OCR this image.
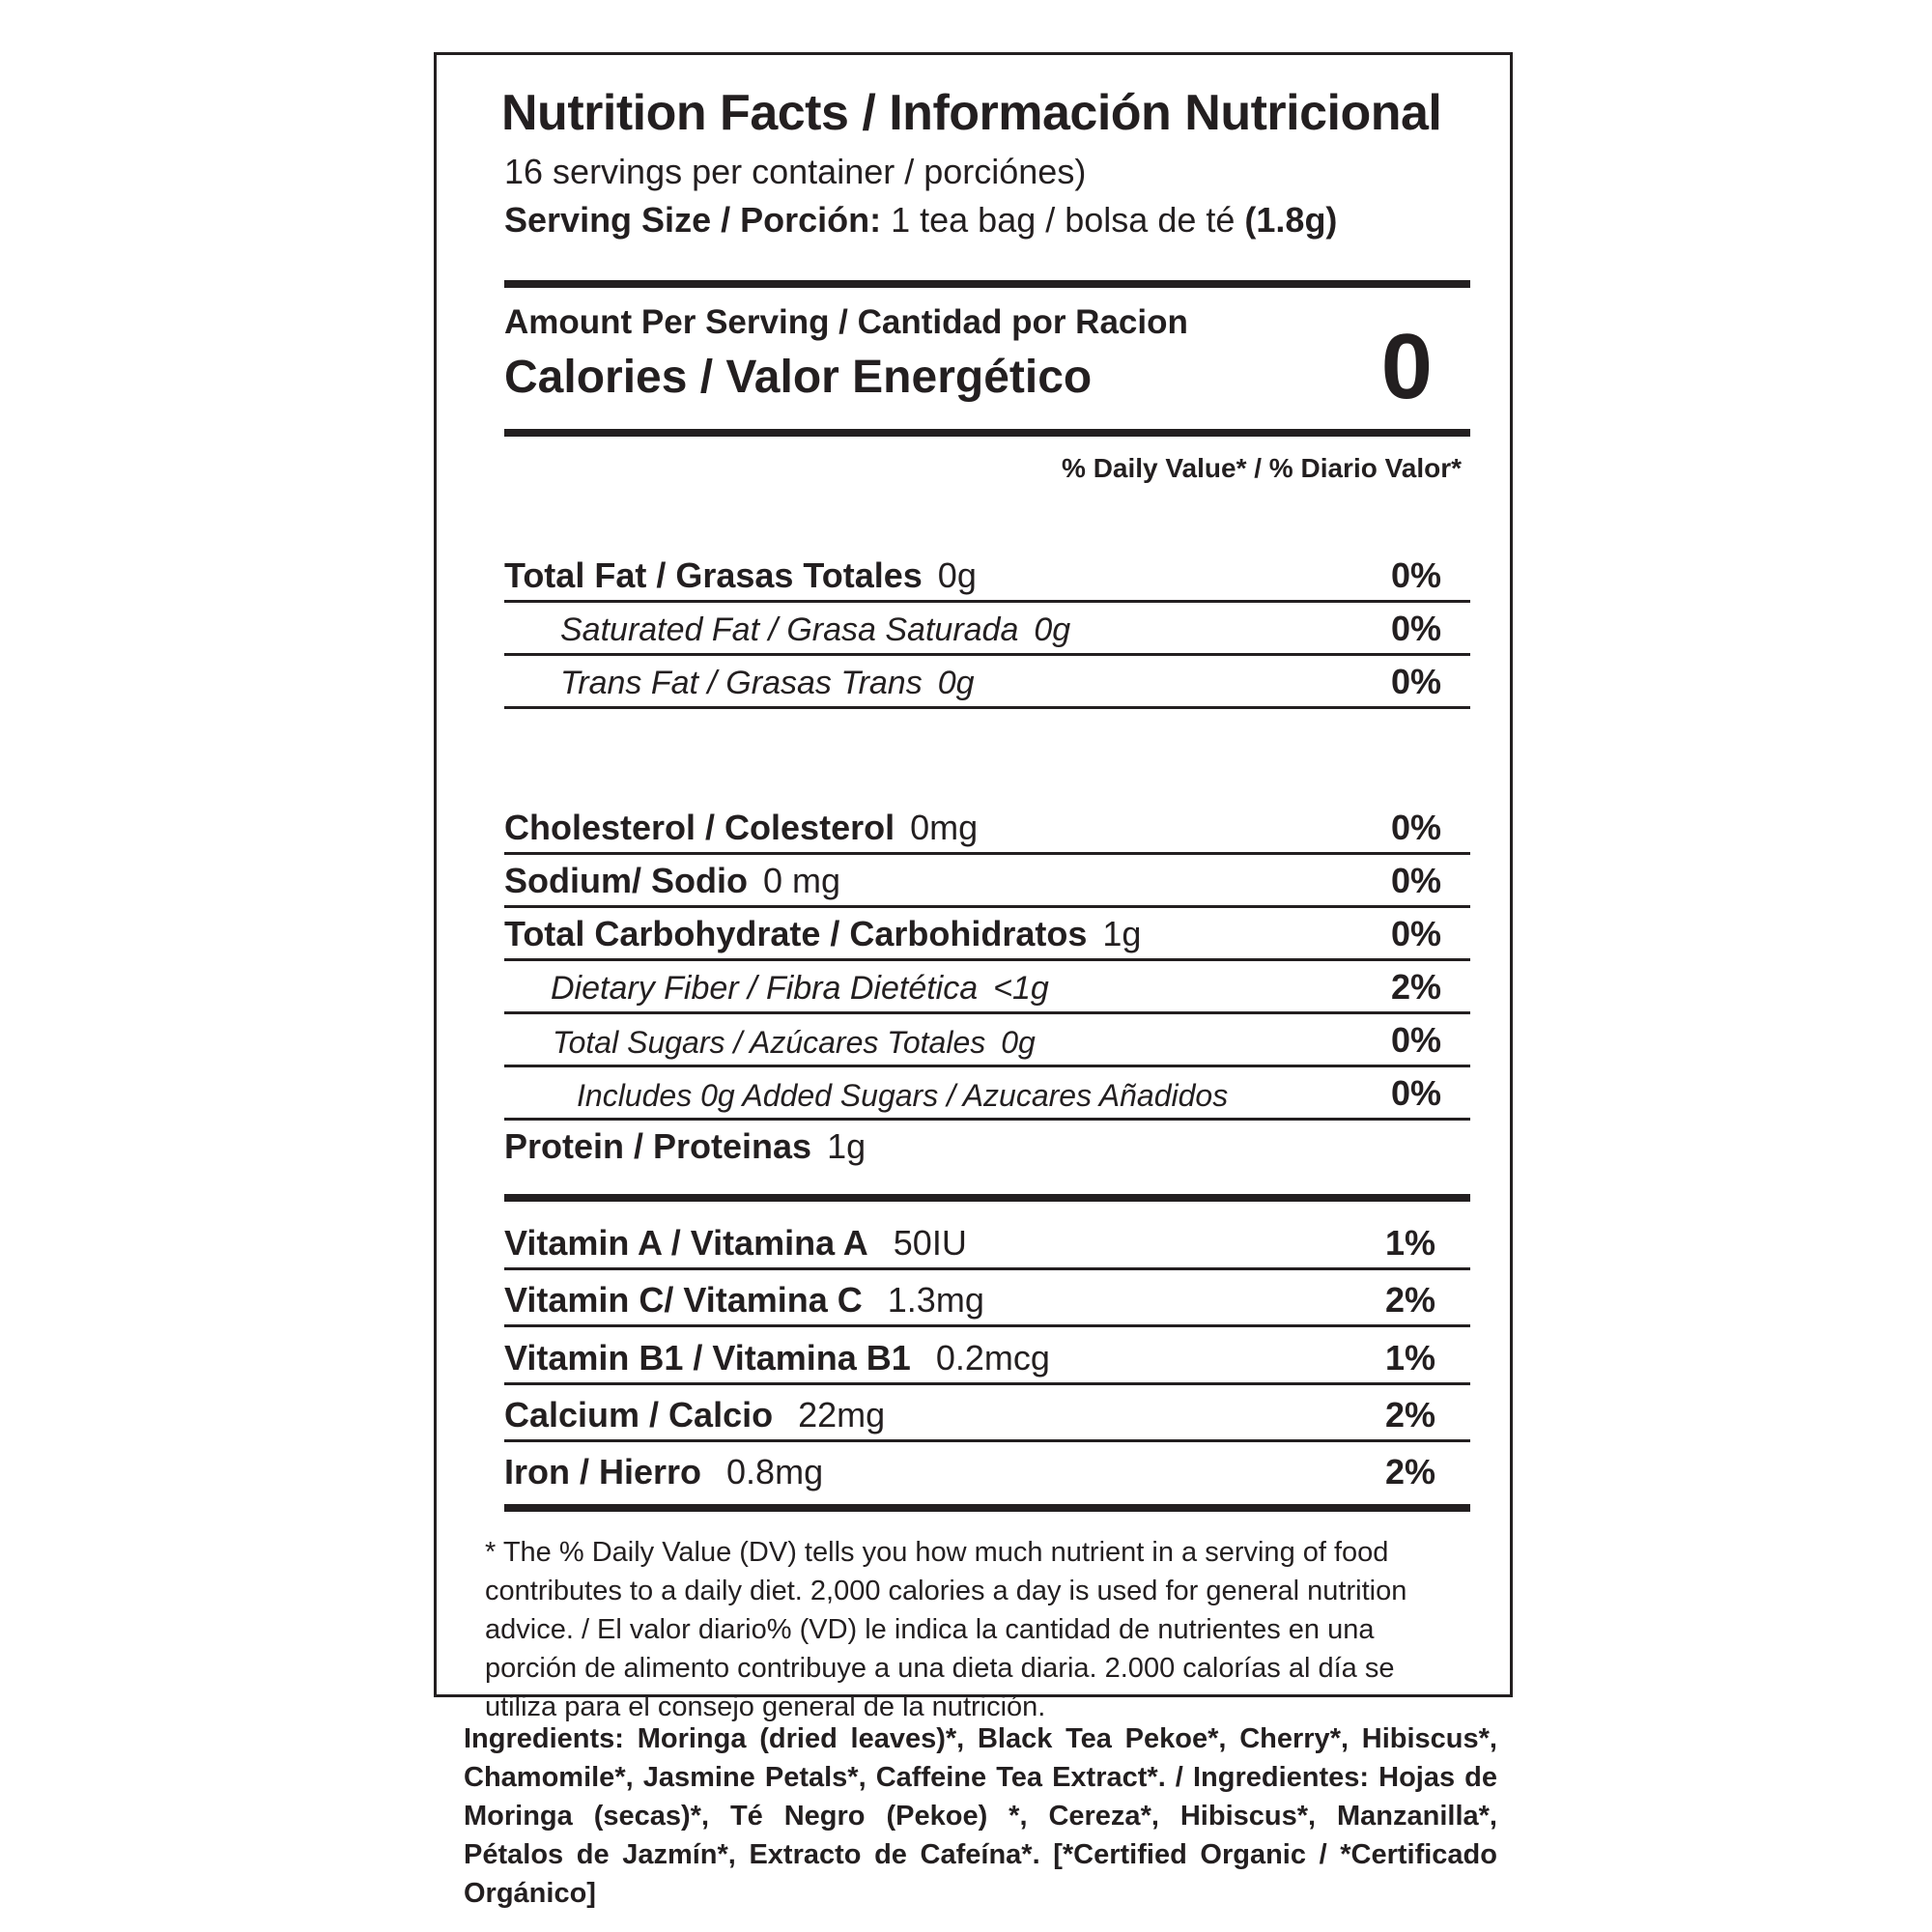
Nutrition Facts / Información Nutricional
16 servings per container / porciónes)
Serving Size / Porción: 1 tea bag / bolsa de té (1.8g)
Amount Per Serving / Cantidad por Racion
Calories / Valor Energético	0
% Daily Value* / % Diario Valor*
Total Fat / Grasas Totales 0g	0%
Saturated Fat / Grasa Saturada 0g	0%
Trans Fat / Grasas Trans 0g	0%
Cholesterol / Colesterol 0mg	0%
Sodium/ Sodio 0 mg	0%
Total Carbohydrate / Carbohidratos 1g	0%
Dietary Fiber / Fibra Dietética <1g	2%
Total Sugars / Azúcares Totales 0g	0%
Includes 0g Added Sugars / Azucares Añadidos	0%
Protein / Proteinas 1g
Vitamin A / Vitamina A 50IU	1%
Vitamin C/ Vitamina C 1.3mg	2%
Vitamin B1 / Vitamina B1 0.2mcg	1%
Calcium / Calcio 22mg	2%
Iron / Hierro 0.8mg	2%
* The % Daily Value (DV) tells you how much nutrient in a serving of food contributes to a daily diet. 2,000 calories a day is used for general nutrition advice. / El valor diario% (VD) le indica la cantidad de nutrientes en una porción de alimento contribuye a una dieta diaria. 2.000 calorías al día se utiliza para el consejo general de la nutrición.
Ingredients: Moringa (dried leaves)*, Black Tea Pekoe*, Cherry*, Hibiscus*, Chamomile*, Jasmine Petals*, Caffeine Tea Extract*. / Ingredientes: Hojas de Moringa (secas)*, Té Negro (Pekoe) *, Cereza*, Hibiscus*, Manzanilla*, Pétalos de Jazmín*, Extracto de Cafeína*. [*Certified Organic / *Certificado Orgánico]
